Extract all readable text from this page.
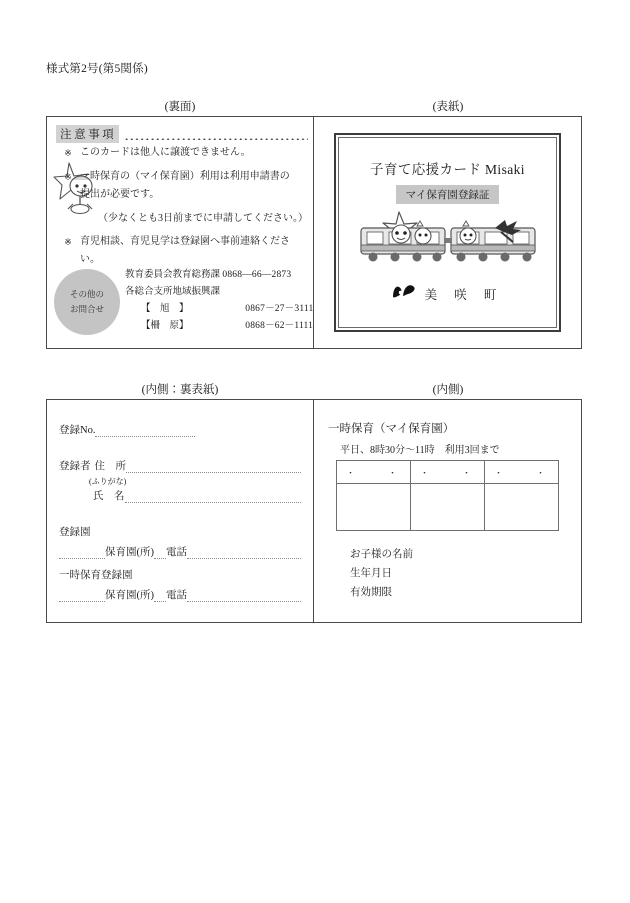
様式第2号(第5関係)
(裏面)	(表紙)
(内側：裏表紙)	(内側)
注意事項
※ このカードは他人に譲渡できません。
※ 一時保育の（マイ保育園）利用は利用申請書の
提出が必要です。
（少なくとも3日前までに申請してください。）
※ 育児相談、育児見学は登録園へ事前連絡ください。
その他の
お問合せ
教育委員会教育総務課 0868―66―2873
各総合支所地域振興課
【　旭　】	0867－27－3111
【柵　原】	0868－62－1111
子育て応援カード Misaki
マイ保育園登録証
美 咲 町
登録No.
登録者 住　所
(ふりがな)
氏　名
登録園
保育園(所) 電話
一時保育登録園
保育園(所) 電話
一時保育（マイ保育園）
平日、8時30分～11時　利用3回まで
・　・	・　・	・　・

お子様の名前
生年月日
有効期限
